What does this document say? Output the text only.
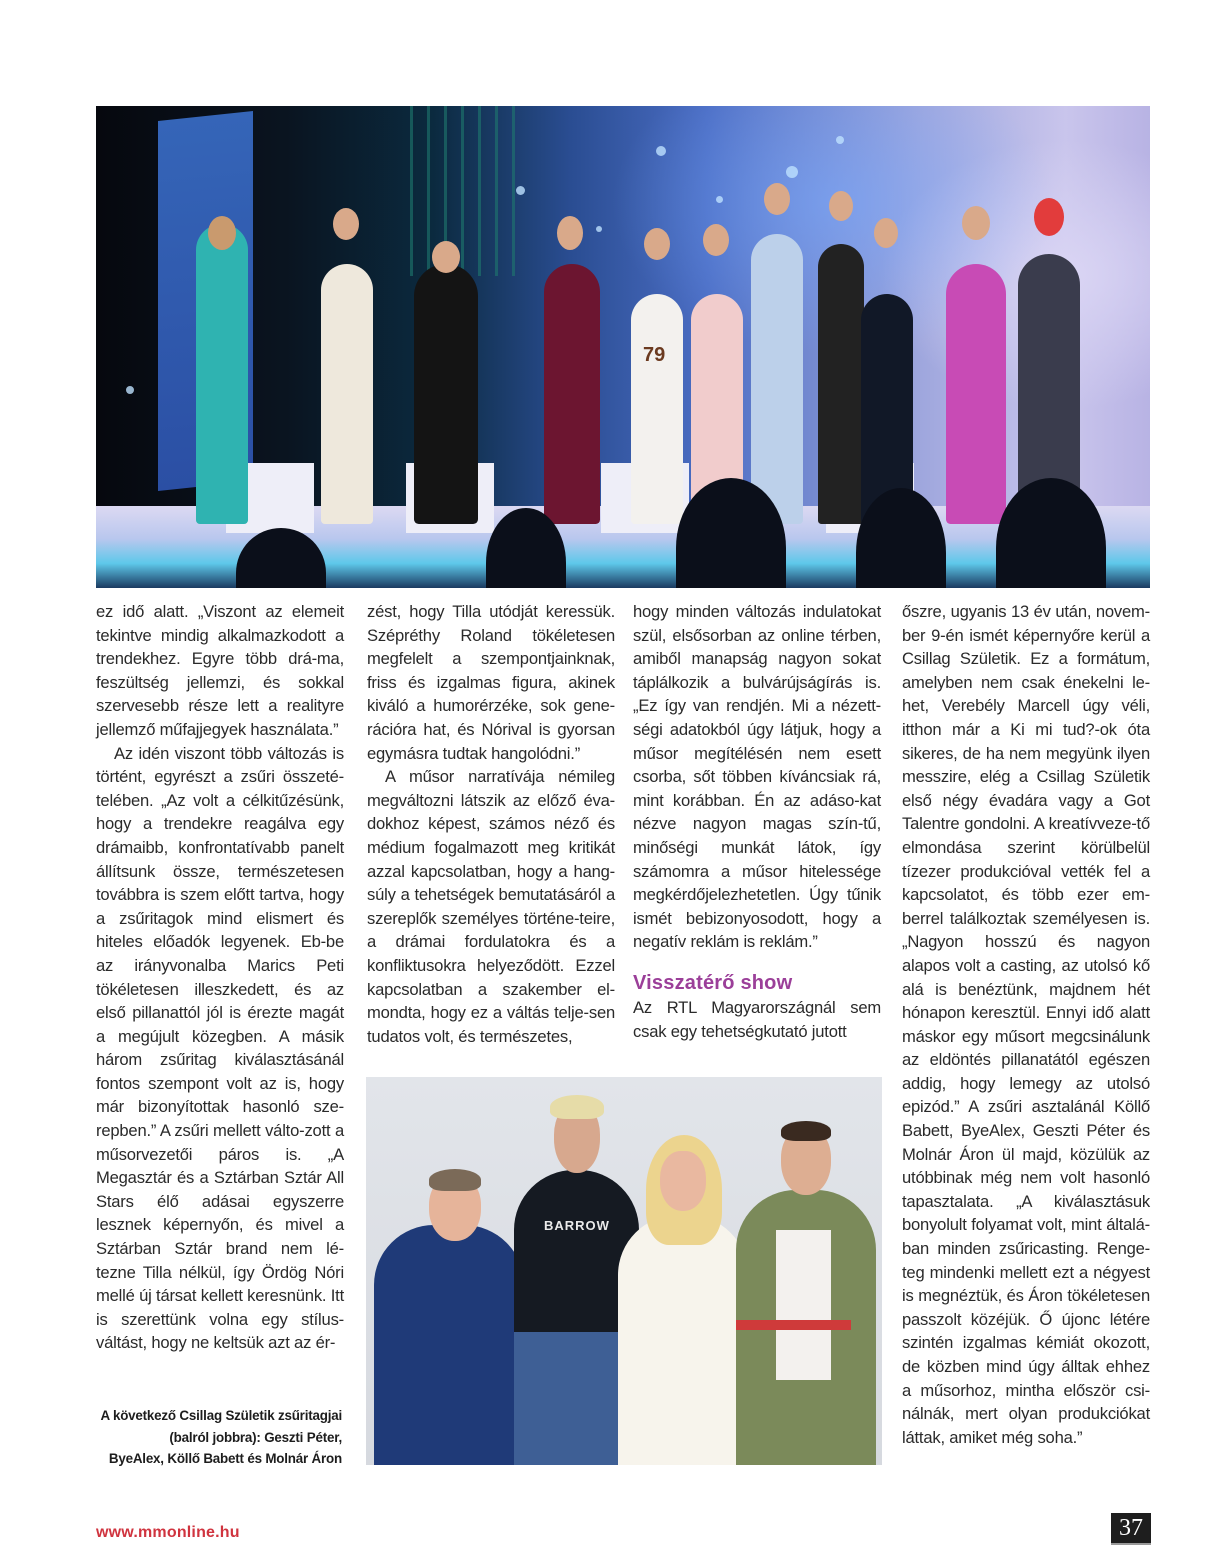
79

ez idő alatt. „Viszont az elemeit tekintve mindig alkalmazkodott a trendekhez. Egyre több drá-ma, feszültség jellemzi, és sokkal szervesebb része lett a realityre jellemző műfajjegyek használata.”

Az idén viszont több változás is történt, egyrészt a zsűri összeté-telében. „Az volt a célkitűzésünk, hogy a trendekre reagálva egy drámaibb, konfrontatívabb panelt állítsunk össze, természetesen továbbra is szem előtt tartva, hogy a zsűritagok mind elismert és hiteles előadók legyenek. Eb-be az irányvonalba Marics Peti tökéletesen illeszkedett, és az első pillanattól jól is érezte magát a megújult közegben. A másik három zsűritag kiválasztásánál fontos szempont volt az is, hogy már bizonyítottak hasonló sze-repben.” A zsűri mellett válto-zott a műsorvezetői páros is. „A Megasztár és a Sztárban Sztár All Stars élő adásai egyszerre lesznek képernyőn, és mivel a Sztárban Sztár brand nem lé-tezne Tilla nélkül, így Ördög Nóri mellé új társat kellett keresnünk. Itt is szerettünk volna egy stílus-váltást, hogy ne keltsük azt az ér-

zést, hogy Tilla utódját keressük. Szépréthy Roland tökéletesen megfelelt a szempontjainknak, friss és izgalmas figura, akinek kiváló a humorérzéke, sok gene-rációra hat, és Nórival is gyorsan egymásra tudtak hangolódni.”

A műsor narratívája némileg megváltozni látszik az előző éva-dokhoz képest, számos néző és médium fogalmazott meg kritikát azzal kapcsolatban, hogy a hang-súly a tehetségek bemutatásáról a szereplők személyes történe-teire, a drámai fordulatokra és a konfliktusokra helyeződött. Ezzel kapcsolatban a szakember el-mondta, hogy ez a váltás telje-sen tudatos volt, és természetes,

hogy minden változás indulatokat szül, elsősorban az online térben, amiből manapság nagyon sokat táplálkozik a bulvárújságírás is. „Ez így van rendjén. Mi a nézett-ségi adatokból úgy látjuk, hogy a műsor megítélésén nem esett csorba, sőt többen kíváncsiak rá, mint korábban. Én az adáso-kat nézve nagyon magas szín-tű, minőségi munkát látok, így számomra a műsor hitelessége megkérdőjelezhetetlen. Úgy tűnik ismét bebizonyosodott, hogy a negatív reklám is reklám.”

Visszatérő show

Az RTL Magyarországnál sem csak egy tehetségkutató jutott

őszre, ugyanis 13 év után, novem-ber 9-én ismét képernyőre kerül a Csillag Születik. Ez a formátum, amelyben nem csak énekelni le-het, Verebély Marcell úgy véli, itthon már a Ki mi tud?-ok óta sikeres, de ha nem megyünk ilyen messzire, elég a Csillag Születik első négy évadára vagy a Got Talentre gondolni. A kreatívveze-tő elmondása szerint körülbelül tízezer produkcióval vették fel a kapcsolatot, és több ezer em-berrel találkoztak személyesen is. „Nagyon hosszú és nagyon alapos volt a casting, az utolsó kő alá is benéztünk, majdnem hét hónapon keresztül. Ennyi idő alatt máskor egy műsort megcsinálunk az eldöntés pillanatától egészen addig, hogy lemegy az utolsó epizód.” A zsűri asztalánál Köllő Babett, ByeAlex, Geszti Péter és Molnár Áron ül majd, közülük az utóbbinak még nem volt hasonló tapasztalata. „A kiválasztásuk bonyolult folyamat volt, mint általá-ban minden zsűricasting. Renge-teg mindenki mellett ezt a négyest is megnéztük, és Áron tökéletesen passzolt közéjük. Ő újonc létére szintén izgalmas kémiát okozott, de közben mind úgy álltak ehhez a műsorhoz, mintha először csi-nálnák, mert olyan produkciókat láttak, amiket még soha.”

BARROW
A következő Csillag Születik zsűritagjai
(balról jobbra): Geszti Péter,
ByeAlex, Köllő Babett és Molnár Áron
www.mmonline.hu	37
